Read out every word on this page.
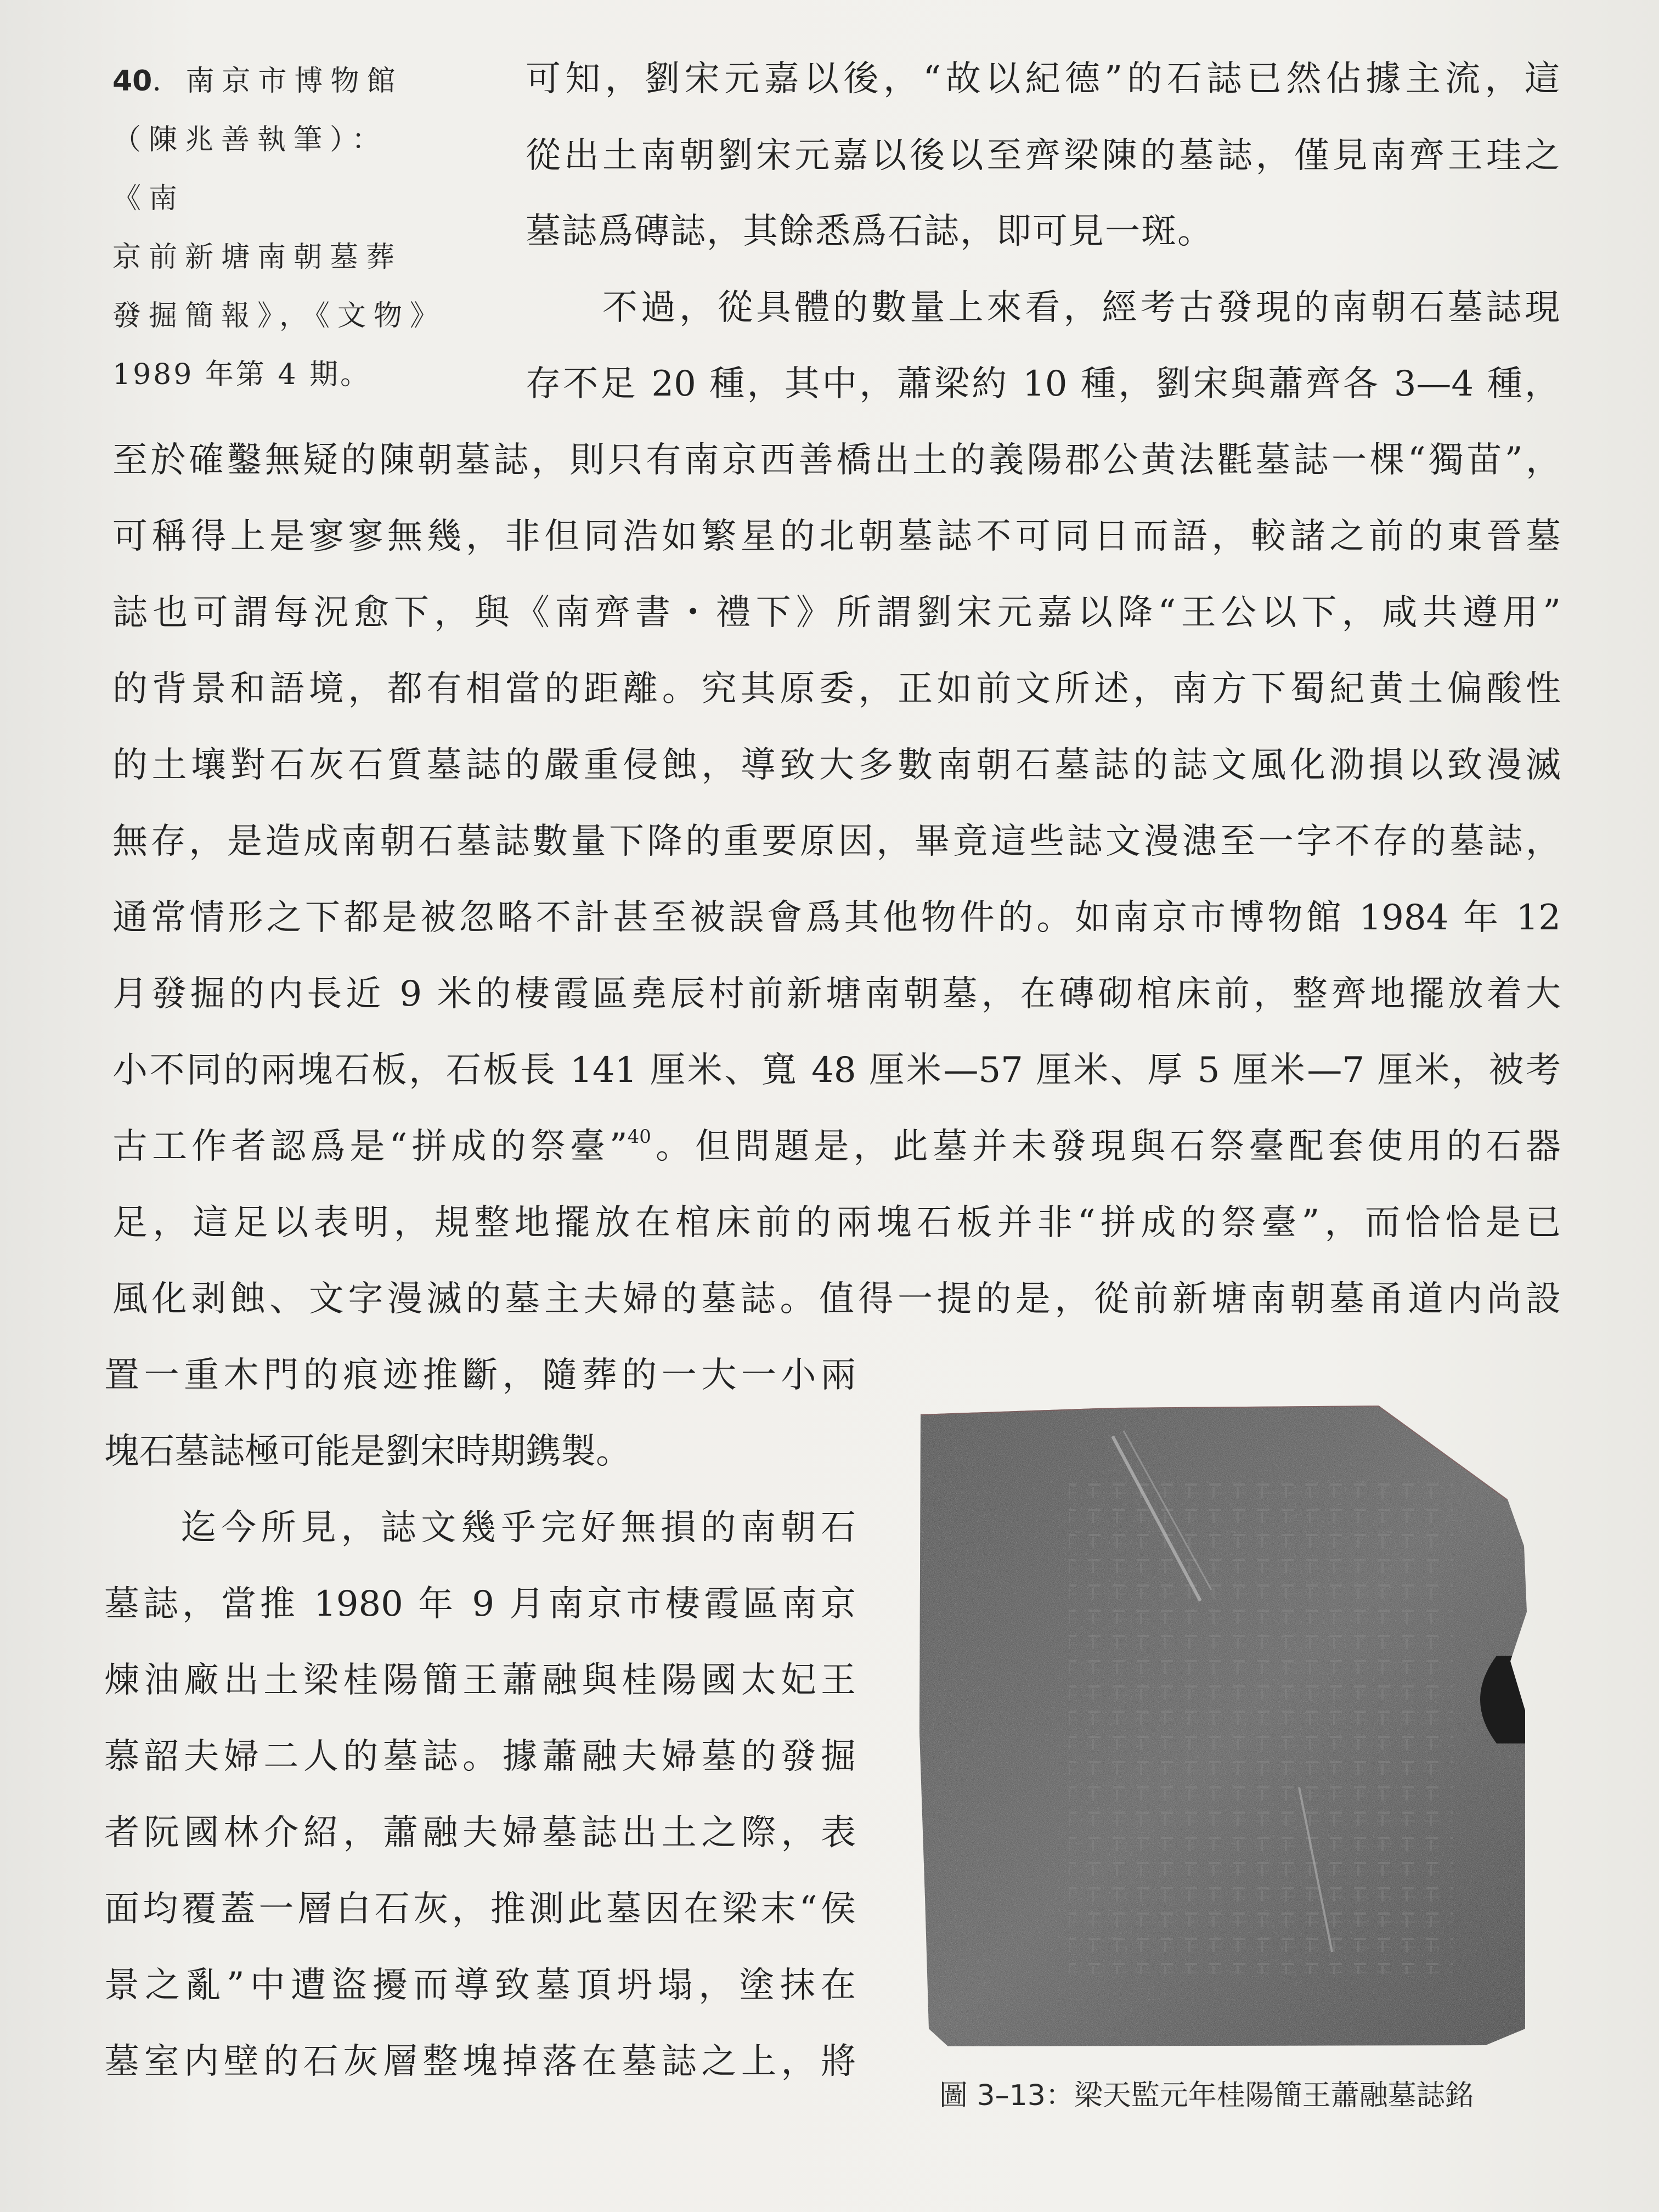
40. 南京市博物館
（陳兆善執筆）：《南
京前新塘南朝墓葬
發掘簡報》，《文物》
1989 年第 4 期。
可知，劉宋元嘉以後，“故以紀德”的石誌已然佔據主流，這
從出土南朝劉宋元嘉以後以至齊梁陳的墓誌，僅見南齊王珪之
墓誌爲磚誌，其餘悉爲石誌，即可見一斑。
不過，從具體的數量上來看，經考古發現的南朝石墓誌現
存不足 20 種，其中，蕭梁約 10 種，劉宋與蕭齊各 3—4 種，
至於確鑿無疑的陳朝墓誌，則只有南京西善橋出土的義陽郡公黄法氍墓誌一棵“獨苗”，
可稱得上是寥寥無幾，非但同浩如繁星的北朝墓誌不可同日而語，較諸之前的東晉墓
誌也可謂每況愈下，與《南齊書・禮下》所謂劉宋元嘉以降“王公以下，咸共遵用”
的背景和語境，都有相當的距離。究其原委，正如前文所述，南方下蜀紀黄土偏酸性
的土壤對石灰石質墓誌的嚴重侵蝕，導致大多數南朝石墓誌的誌文風化泐損以致漫滅
無存，是造成南朝石墓誌數量下降的重要原因，畢竟這些誌文漫漶至一字不存的墓誌，
通常情形之下都是被忽略不計甚至被誤會爲其他物件的。如南京市博物館 1984 年 12
月發掘的内長近 9 米的棲霞區堯辰村前新塘南朝墓，在磚砌棺床前，整齊地擺放着大
小不同的兩塊石板，石板長 141 厘米、寬 48 厘米—57 厘米、厚 5 厘米—7 厘米，被考
古工作者認爲是“拼成的祭臺”$^{40}$。但問題是，此墓并未發現與石祭臺配套使用的石器
足，這足以表明，規整地擺放在棺床前的兩塊石板并非“拼成的祭臺”，而恰恰是已
風化剥蝕、文字漫滅的墓主夫婦的墓誌。值得一提的是，從前新塘南朝墓甬道内尚設
置一重木門的痕迹推斷，隨葬的一大一小兩
塊石墓誌極可能是劉宋時期鎸製。
迄今所見，誌文幾乎完好無損的南朝石
墓誌，當推 1980 年 9 月南京市棲霞區南京
煉油廠出土梁桂陽簡王蕭融與桂陽國太妃王
慕韶夫婦二人的墓誌。據蕭融夫婦墓的發掘
者阮國林介紹，蕭融夫婦墓誌出土之際，表
面均覆蓋一層白石灰，推測此墓因在梁末“侯
景之亂”中遭盜擾而導致墓頂坍塌，塗抹在
墓室内壁的石灰層整塊掉落在墓誌之上，將
圖 3–13：梁天監元年桂陽簡王蕭融墓誌銘
